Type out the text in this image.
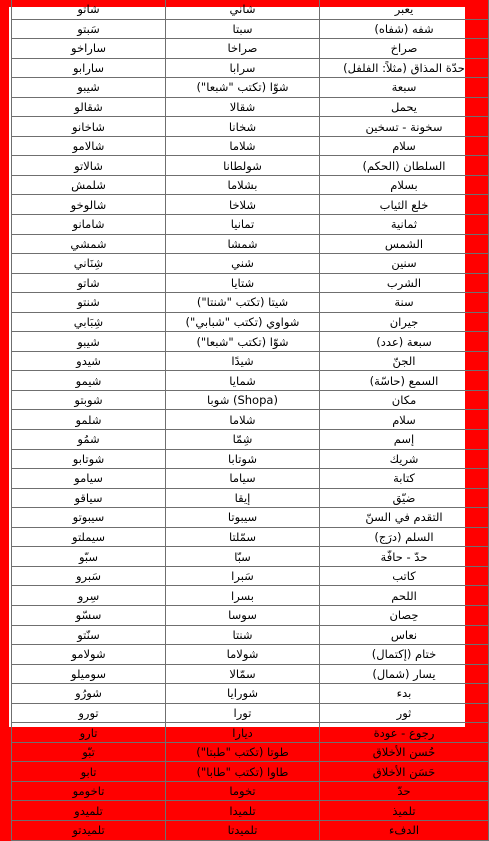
شاتو	شاني	يعبر
سَبتو	سبتا	شفه (شفاه)
ساراخو	صراخا	صراخ
سارابو	سرابا	حدّة المذاق (مثلاً: الفلفل)
شيبو	شوّا (تكتب "شبعا")	سبعة
شقالو	شقالا	يحمل
شاخانو	شخانا	سخونة - تسخين
شالامو	شلاما	سلام
شالاتو	شولطانا	السلطان (الحكم)
شلمش	بشلاما	بسلام
شالوخو	شلاخا	خلع الثياب
شامانو	تمانيا	ثمانية
شمشي	شمشا	الشمس
شِنَاني	شني	سنين
شاتو	شتايا	الشرب
شنتو	شيتا (تكتب "شنتا")	سنة
شِبَابي	شواوي (تكتب "شبابي")	جيران
شيبو	شوّا (تكتب "شبعا")	سبعة (عدد)
شيدو	شيدًا	الجنّ
شيمو	شمايا	السمع (حاسّة)
شوبتو	شوبا (Shopa)	مكان
شلمو	شلاما	سلام
شمُو	شِمّا	إسم
شوتابو	شوتابا	شريك
سيامو	سياما	كتابة
سياقو	إيقا	ضيّق
سيبوتو	سيبوتا	التقدم في السنّ
سيملتو	سمّلتا	السلم (درَج)
سبّو	سبّا	حدّ - حافّة
سَبرو	سَبرا	كاتب
سِرو	بسرا	اللحم
سسّو	سوسا	حِصان
سنّتو	شنتا	نعاس
شولامو	شولاما	ختام (إكتمال)
سوميلو	سمّالا	يسار (شمال)
شورُو	شورايا	بدء
تورو	تورا	ثور
تارو	ديارا	رجوع - عودة
تبّو	طوتا (تكتب "طبتا")	حُسن الأخلاق
تابو	طاوا (تكتب "طابا")	حَسَن الأخلاق
تاخومو	تخوما	حدّ
تلميدو	تلميدا	تلميذ
تلميدتو	تلميدتا	الدفء
